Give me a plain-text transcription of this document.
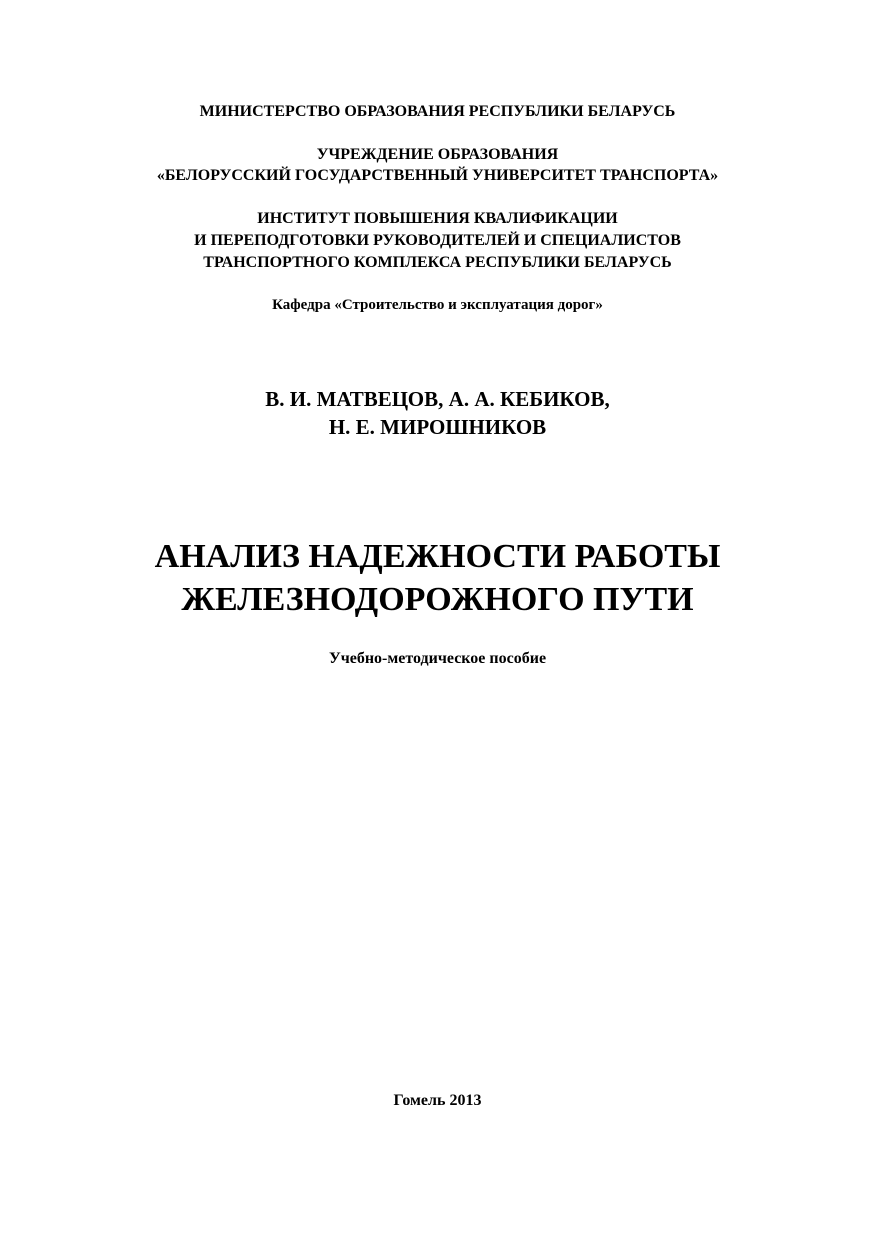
МИНИСТЕРСТВО ОБРАЗОВАНИЯ РЕСПУБЛИКИ БЕЛАРУСЬ
УЧРЕЖДЕНИЕ ОБРАЗОВАНИЯ
«БЕЛОРУССКИЙ ГОСУДАРСТВЕННЫЙ УНИВЕРСИТЕТ ТРАНСПОРТА»
ИНСТИТУТ ПОВЫШЕНИЯ КВАЛИФИКАЦИИ
И ПЕРЕПОДГОТОВКИ РУКОВОДИТЕЛЕЙ И СПЕЦИАЛИСТОВ
ТРАНСПОРТНОГО КОМПЛЕКСА РЕСПУБЛИКИ БЕЛАРУСЬ
Кафедра «Строительство и эксплуатация дорог»
В. И. МАТВЕЦОВ, А. А. КЕБИКОВ,
Н. Е. МИРОШНИКОВ
АНАЛИЗ НАДЕЖНОСТИ РАБОТЫ
ЖЕЛЕЗНОДОРОЖНОГО ПУТИ
Учебно-методическое пособие
Гомель 2013
